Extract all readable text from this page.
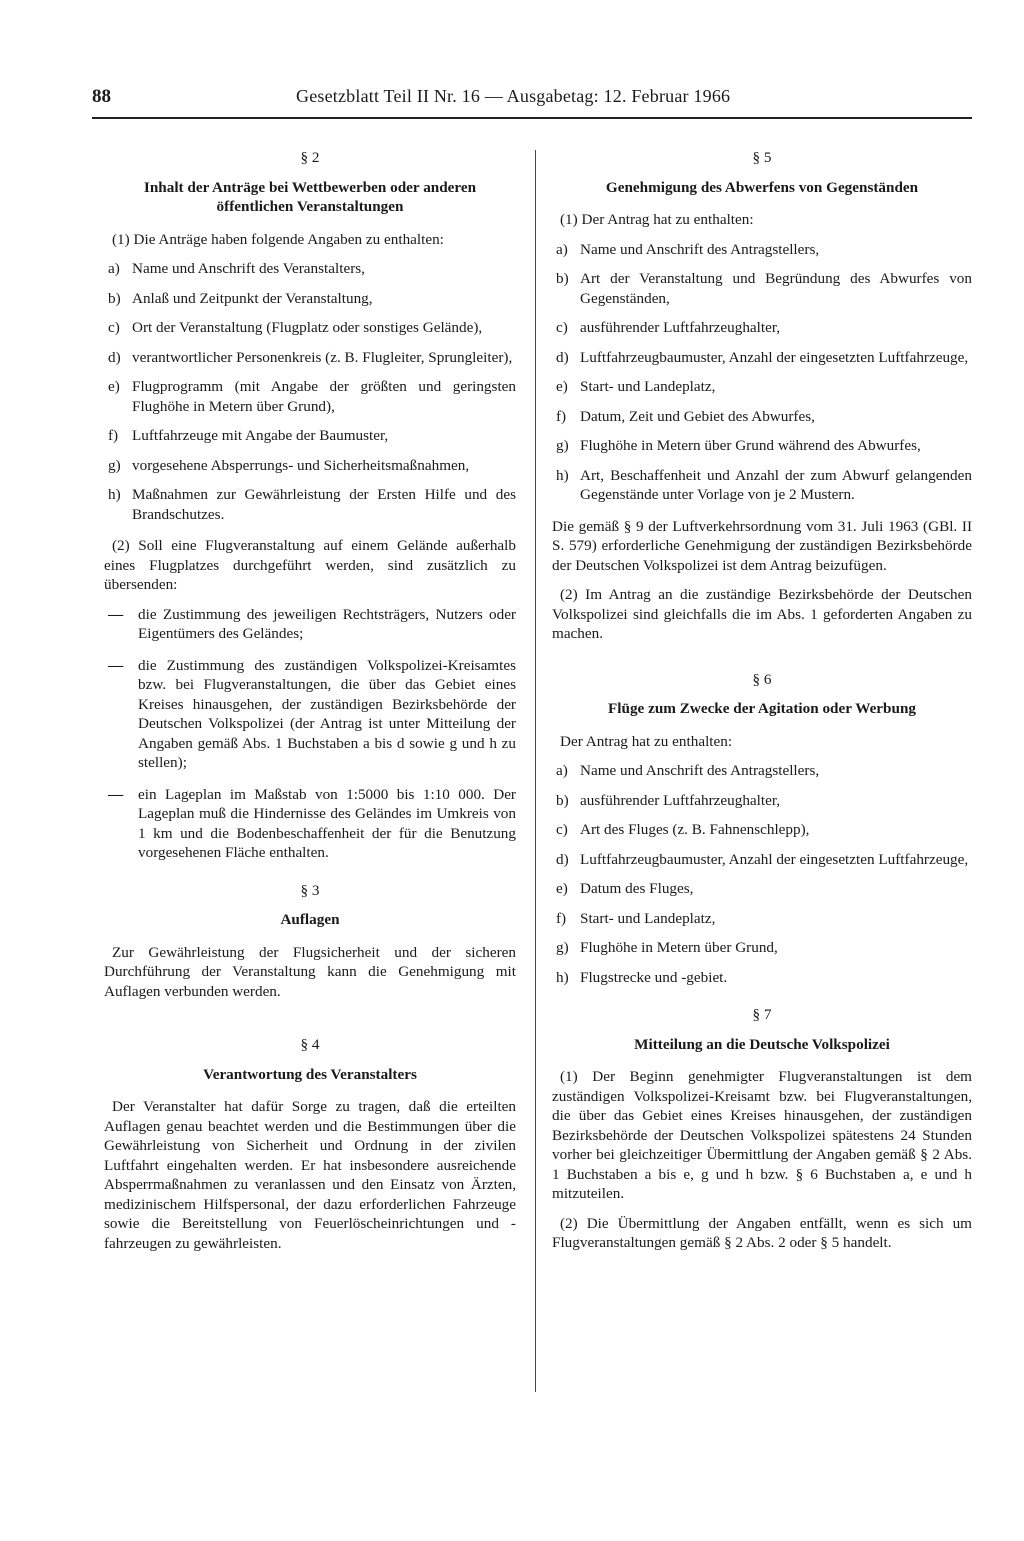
88	Gesetzblatt Teil II Nr. 16 — Ausgabetag: 12. Februar 1966
§ 2
Inhalt der Anträge bei Wettbewerben oder anderen öffentlichen Veranstaltungen

(1) Die Anträge haben folgende Angaben zu enthalten:

a) Name und Anschrift des Veranstalters,
b) Anlaß und Zeitpunkt der Veranstaltung,
c) Ort der Veranstaltung (Flugplatz oder sonstiges Gelände),
d) verantwortlicher Personenkreis (z. B. Flugleiter, Sprungleiter),
e) Flugprogramm (mit Angabe der größten und geringsten Flughöhe in Metern über Grund),
f) Luftfahrzeuge mit Angabe der Baumuster,
g) vorgesehene Absperrungs- und Sicherheitsmaßnahmen,
h) Maßnahmen zur Gewährleistung der Ersten Hilfe und des Brandschutzes.

(2) Soll eine Flugveranstaltung auf einem Gelände außerhalb eines Flugplatzes durchgeführt werden, sind zusätzlich zu übersenden:

— die Zustimmung des jeweiligen Rechtsträgers, Nutzers oder Eigentümers des Geländes;
— die Zustimmung des zuständigen Volkspolizei-Kreisamtes bzw. bei Flugveranstaltungen, die über das Gebiet eines Kreises hinausgehen, der zuständigen Bezirksbehörde der Deutschen Volkspolizei (der Antrag ist unter Mitteilung der Angaben gemäß Abs. 1 Buchstaben a bis d sowie g und h zu stellen);
— ein Lageplan im Maßstab von 1:5000 bis 1:10 000. Der Lageplan muß die Hindernisse des Geländes im Umkreis von 1 km und die Bodenbeschaffenheit der für die Benutzung vorgesehenen Fläche enthalten.
§ 3
Auflagen

Zur Gewährleistung der Flugsicherheit und der sicheren Durchführung der Veranstaltung kann die Genehmigung mit Auflagen verbunden werden.

§ 4
Verantwortung des Veranstalters

Der Veranstalter hat dafür Sorge zu tragen, daß die erteilten Auflagen genau beachtet werden und die Bestimmungen über die Gewährleistung von Sicherheit und Ordnung in der zivilen Luftfahrt eingehalten werden. Er hat insbesondere ausreichende Absperrmaßnahmen zu veranlassen und den Einsatz von Ärzten, medizinischem Hilfspersonal, der dazu erforderlichen Fahrzeuge sowie die Bereitstellung von Feuerlöscheinrichtungen und -fahrzeugen zu gewährleisten.

§ 5
Genehmigung des Abwerfens von Gegenständen

(1) Der Antrag hat zu enthalten:

a) Name und Anschrift des Antragstellers,
b) Art der Veranstaltung und Begründung des Abwurfes von Gegenständen,
c) ausführender Luftfahrzeughalter,
d) Luftfahrzeugbaumuster, Anzahl der eingesetzten Luftfahrzeuge,
e) Start- und Landeplatz,
f) Datum, Zeit und Gebiet des Abwurfes,
g) Flughöhe in Metern über Grund während des Abwurfes,
h) Art, Beschaffenheit und Anzahl der zum Abwurf gelangenden Gegenstände unter Vorlage von je 2 Mustern.

Die gemäß § 9 der Luftverkehrsordnung vom 31. Juli 1963 (GBl. II S. 579) erforderliche Genehmigung der zuständigen Bezirksbehörde der Deutschen Volkspolizei ist dem Antrag beizufügen.

(2) Im Antrag an die zuständige Bezirksbehörde der Deutschen Volkspolizei sind gleichfalls die im Abs. 1 geforderten Angaben zu machen.

§ 6
Flüge zum Zwecke der Agitation oder Werbung

Der Antrag hat zu enthalten:

a) Name und Anschrift des Antragstellers,
b) ausführender Luftfahrzeughalter,
c) Art des Fluges (z. B. Fahnenschlepp),
d) Luftfahrzeugbaumuster, Anzahl der eingesetzten Luftfahrzeuge,
e) Datum des Fluges,
f) Start- und Landeplatz,
g) Flughöhe in Metern über Grund,
h) Flugstrecke und -gebiet.
§ 7
Mitteilung an die Deutsche Volkspolizei

(1) Der Beginn genehmigter Flugveranstaltungen ist dem zuständigen Volkspolizei-Kreisamt bzw. bei Flugveranstaltungen, die über das Gebiet eines Kreises hinausgehen, der zuständigen Bezirksbehörde der Deutschen Volkspolizei spätestens 24 Stunden vorher bei gleichzeitiger Übermittlung der Angaben gemäß § 2 Abs. 1 Buchstaben a bis e, g und h bzw. § 6 Buchstaben a, e und h mitzuteilen.

(2) Die Übermittlung der Angaben entfällt, wenn es sich um Flugveranstaltungen gemäß § 2 Abs. 2 oder § 5 handelt.
